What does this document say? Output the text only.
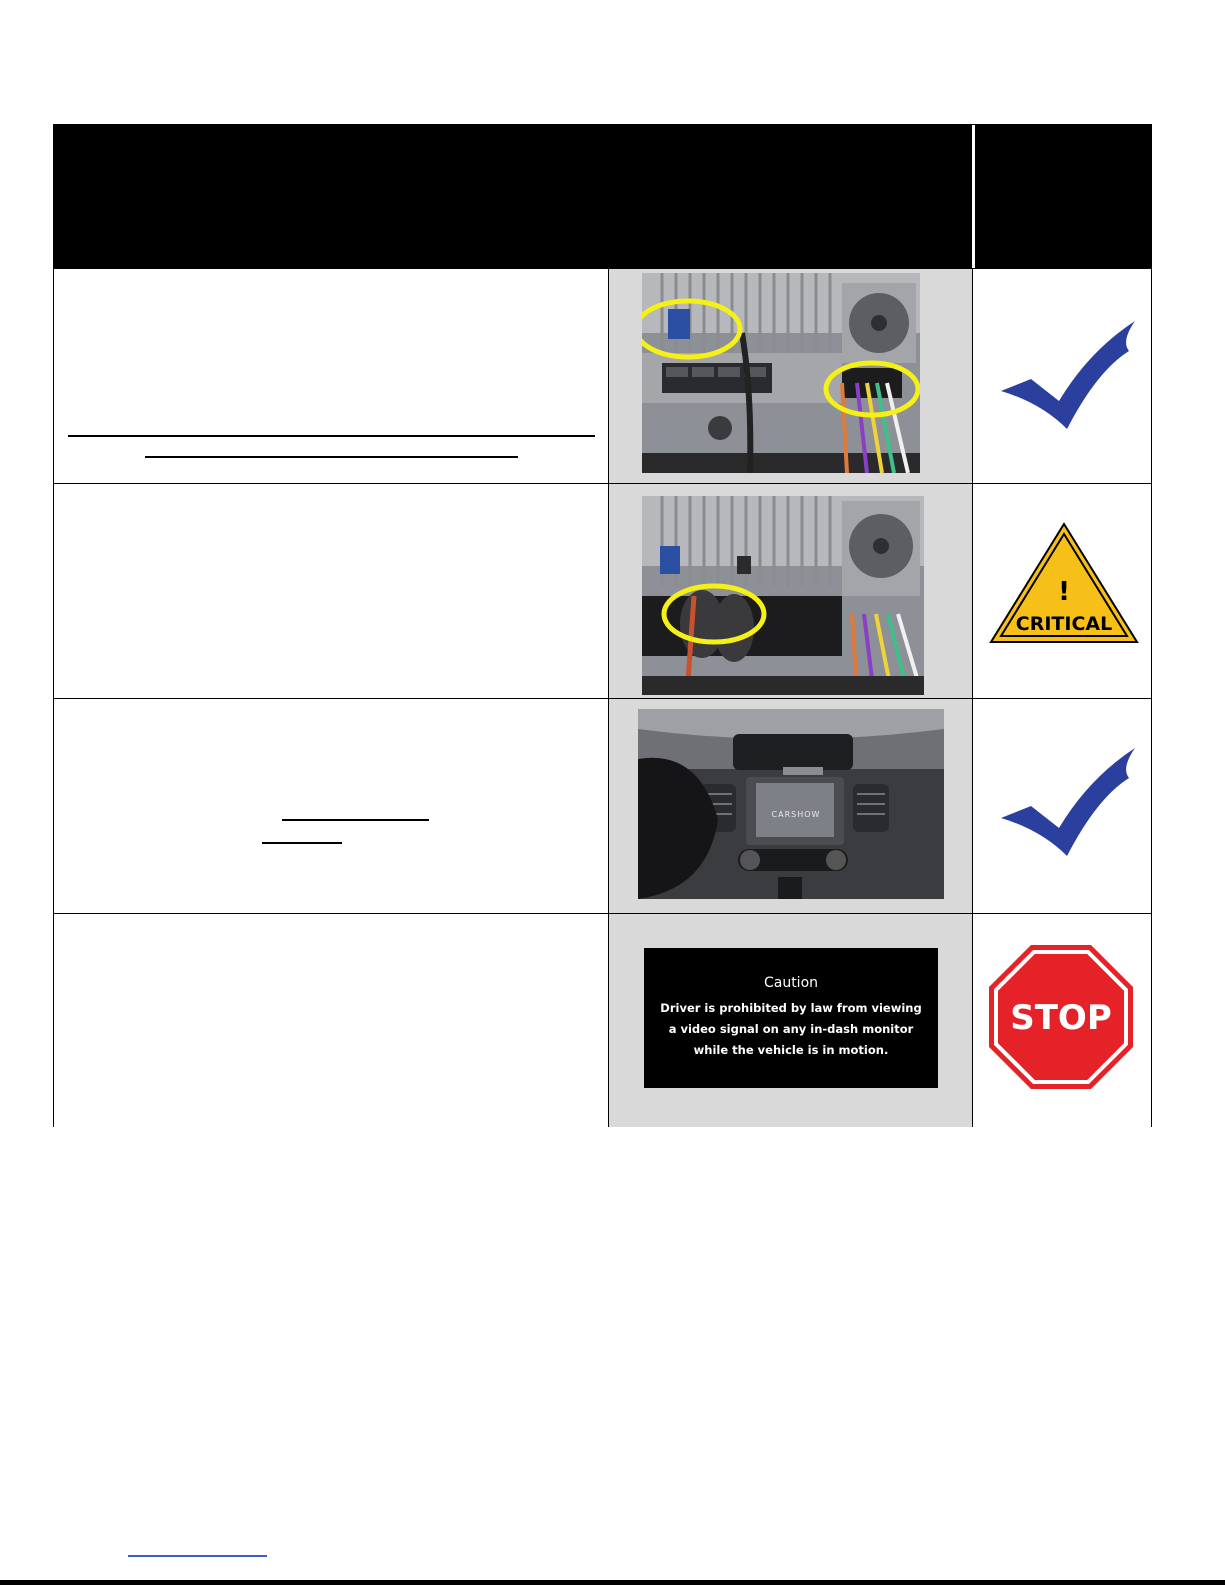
!
CRITICAL
CARSHOW
Caution
Driver is prohibited by law from viewing
a video signal on any in-dash monitor
while the vehicle is in motion.
STOP
